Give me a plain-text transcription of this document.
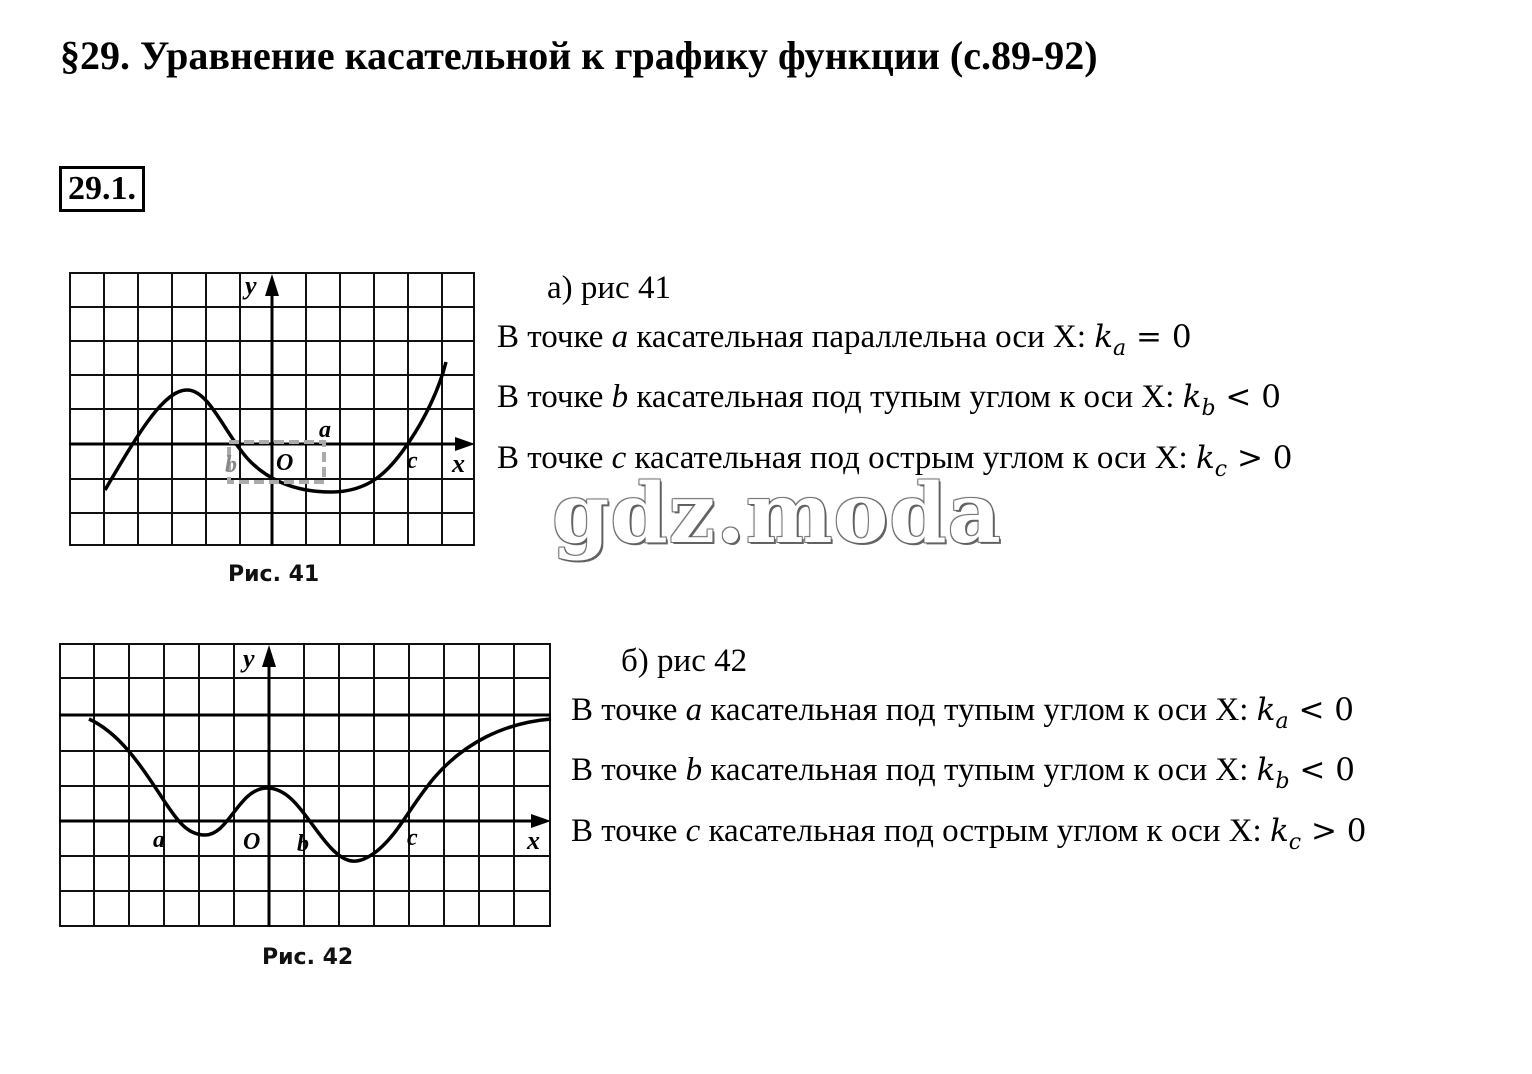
§29. Уравнение касательной к графику функции (с.89-92)
29.1.
y
x
O
a
b	c
Рис. 41
y
x
O
a	b	c
Рис. 42
gdz.moda
а) рис 41
В точке a касательная параллельна оси Х: $k_a = 0$
В точке b касательная под тупым углом к оси Х: $k_b < 0$
В точке c касательная под острым углом к оси Х: $k_c > 0$
б) рис 42
В точке a касательная под тупым углом к оси Х: $k_a < 0$
В точке b касательная под тупым углом к оси Х: $k_b < 0$
В точке c касательная под острым углом к оси Х: $k_c > 0$
